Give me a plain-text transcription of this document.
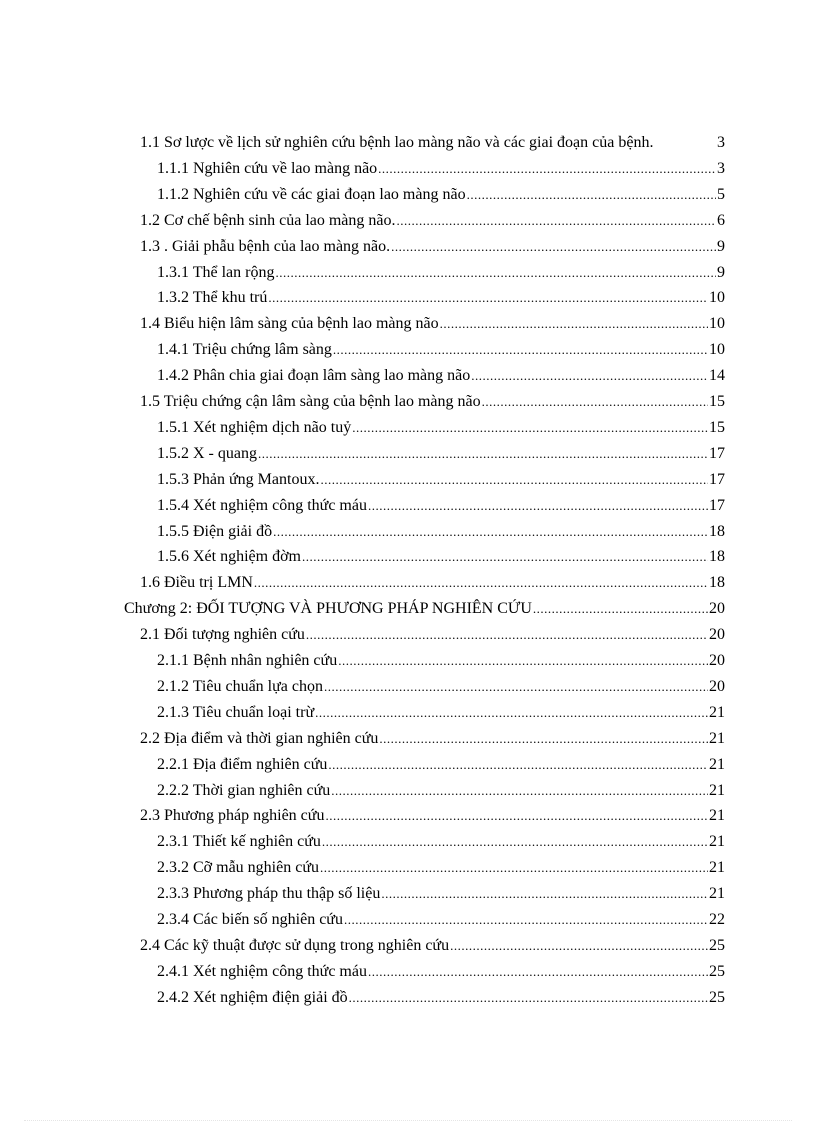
1.1 Sơ lược về lịch sử nghiên cứu bệnh lao màng não và các giai đoạn của bệnh.	3
1.1.1 Nghiên cứu về lao màng não .....	3
1.1.2 Nghiên cứu về các giai đoạn lao màng não .....	5
1.2 Cơ chế bệnh sinh của lao màng não. .....	6
1.3 . Giải phẫu bệnh của lao màng não. .....	9
1.3.1 Thể lan rộng .....	9
1.3.2 Thể khu trú .....	10
1.4 Biểu hiện lâm sàng của bệnh lao màng não .....	10
1.4.1 Triệu chứng lâm sàng .....	10
1.4.2 Phân chia giai đoạn lâm sàng lao màng não .....	14
1.5 Triệu chứng cận lâm sàng của bệnh lao màng não .....	15
1.5.1 Xét nghiệm dịch não tuỷ .....	15
1.5.2 X - quang .....	17
1.5.3 Phản ứng Mantoux. .....	17
1.5.4 Xét nghiệm công thức máu .....	17
1.5.5 Điện giải đồ .....	18
1.5.6 Xét nghiệm đờm .....	18
1.6 Điều trị LMN .....	18
Chương 2: ĐỐI TƯỢNG VÀ PHƯƠNG PHÁP NGHIÊN CỨU .....	20
2.1 Đối tượng nghiên cứu .....	20
2.1.1 Bệnh nhân nghiên cứu .....	20
2.1.2 Tiêu chuẩn lựa chọn .....	20
2.1.3 Tiêu chuẩn loại trừ .....	21
2.2 Địa điểm và thời gian nghiên cứu .....	21
2.2.1 Địa điểm nghiên cứu .....	21
2.2.2 Thời gian nghiên cứu .....	21
2.3 Phương pháp nghiên cứu .....	21
2.3.1 Thiết kế nghiên cứu .....	21
2.3.2 Cỡ mẫu nghiên cứu .....	21
2.3.3 Phương pháp thu thập số liệu .....	21
2.3.4 Các biến số nghiên cứu .....	22
2.4 Các kỹ thuật được sử dụng trong nghiên cứu .....	25
2.4.1 Xét nghiệm công thức máu .....	25
2.4.2 Xét nghiệm điện giải đồ .....	25
